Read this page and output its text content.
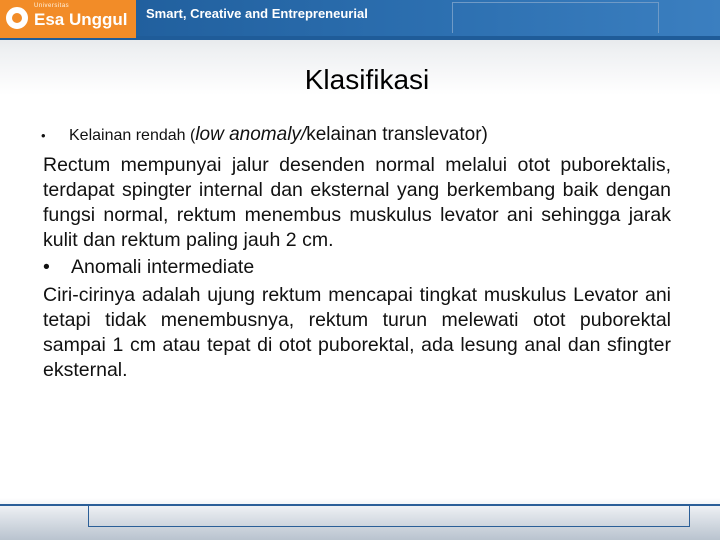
Universitas
Esa Unggul Smart, Creative and Entrepreneurial
Klasifikasi
•	Kelainan rendah (low anomaly/kelainan translevator)
Rectum mempunyai jalur desenden normal melalui otot puborektalis, terdapat spingter internal dan eksternal yang berkembang baik dengan fungsi normal, rektum menembus muskulus levator ani sehingga jarak kulit dan rektum paling jauh 2 cm.
•	Anomali intermediate
Ciri-cirinya adalah ujung rektum mencapai tingkat muskulus Levator ani tetapi tidak menembusnya, rektum turun melewati otot puborektal sampai 1 cm atau tepat di otot puborektal, ada lesung anal dan sfingter eksternal.
